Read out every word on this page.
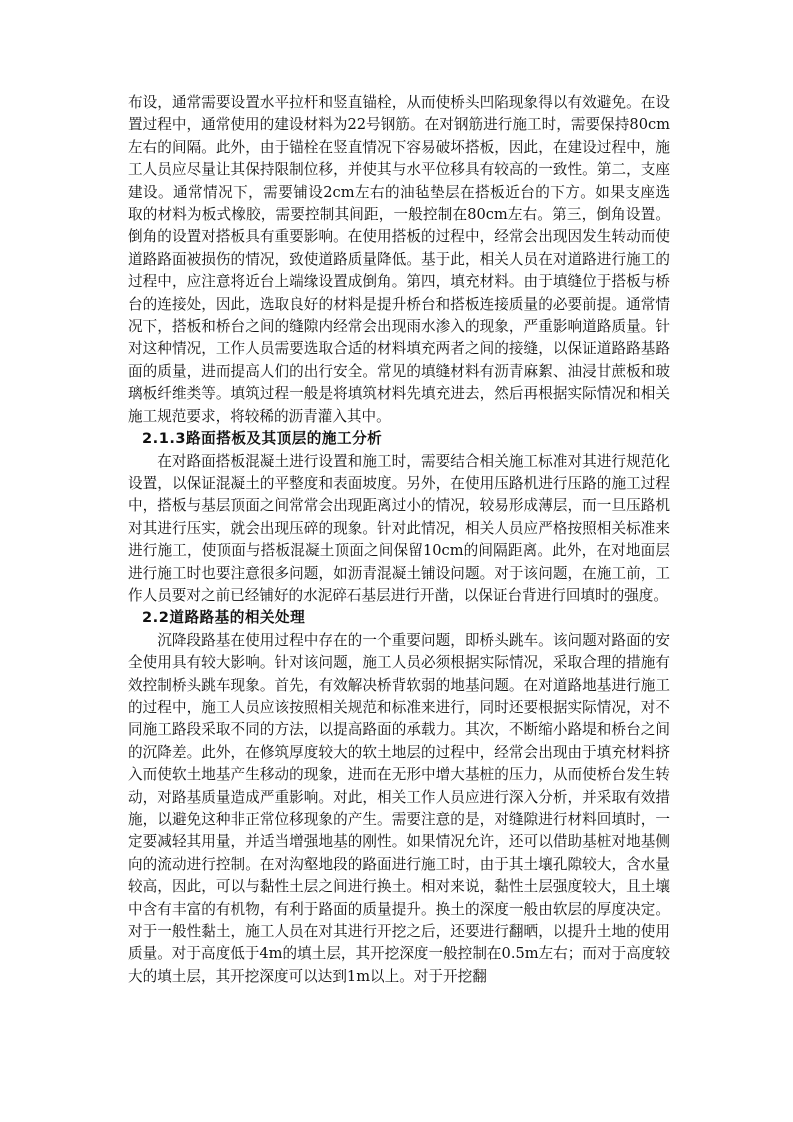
布设，通常需要设置水平拉杆和竖直锚栓，从而使桥头凹陷现象得以有效避免。在设置过程中，通常使用的建设材料为22号钢筋。在对钢筋进行施工时，需要保持80cm左右的间隔。此外，由于锚栓在竖直情况下容易破坏搭板，因此，在建设过程中，施工人员应尽量让其保持限制位移，并使其与水平位移具有较高的一致性。第二，支座建设。通常情况下，需要铺设2cm左右的油毡垫层在搭板近台的下方。如果支座选取的材料为板式橡胶，需要控制其间距，一般控制在80cm左右。第三，倒角设置。倒角的设置对搭板具有重要影响。在使用搭板的过程中，经常会出现因发生转动而使道路路面被损伤的情况，致使道路质量降低。基于此，相关人员在对道路进行施工的过程中，应注意将近台上端缘设置成倒角。第四，填充材料。由于填缝位于搭板与桥台的连接处，因此，选取良好的材料是提升桥台和搭板连接质量的必要前提。通常情况下，搭板和桥台之间的缝隙内经常会出现雨水渗入的现象，严重影响道路质量。针对这种情况，工作人员需要选取合适的材料填充两者之间的接缝，以保证道路路基路面的质量，进而提高人们的出行安全。常见的填缝材料有沥青麻絮、油浸甘蔗板和玻璃板纤维类等。填筑过程一般是将填筑材料先填充进去，然后再根据实际情况和相关施工规范要求，将较稀的沥青灌入其中。

2.1.3路面搭板及其顶层的施工分析

在对路面搭板混凝土进行设置和施工时，需要结合相关施工标准对其进行规范化设置，以保证混凝土的平整度和表面坡度。另外，在使用压路机进行压路的施工过程中，搭板与基层顶面之间常常会出现距离过小的情况，较易形成薄层，而一旦压路机对其进行压实，就会出现压碎的现象。针对此情况，相关人员应严格按照相关标准来进行施工，使顶面与搭板混凝土顶面之间保留10cm的间隔距离。此外，在对地面层进行施工时也要注意很多问题，如沥青混凝土铺设问题。对于该问题，在施工前，工作人员要对之前已经铺好的水泥碎石基层进行开凿，以保证台背进行回填时的强度。

2.2道路路基的相关处理

沉降段路基在使用过程中存在的一个重要问题，即桥头跳车。该问题对路面的安全使用具有较大影响。针对该问题，施工人员必须根据实际情况，采取合理的措施有效控制桥头跳车现象。首先，有效解决桥背软弱的地基问题。在对道路地基进行施工的过程中，施工人员应该按照相关规范和标准来进行，同时还要根据实际情况，对不同施工路段采取不同的方法，以提高路面的承载力。其次，不断缩小路堤和桥台之间的沉降差。此外，在修筑厚度较大的软土地层的过程中，经常会出现由于填充材料挤入而使软土地基产生移动的现象，进而在无形中增大基桩的压力，从而使桥台发生转动，对路基质量造成严重影响。对此，相关工作人员应进行深入分析，并采取有效措施，以避免这种非正常位移现象的产生。需要注意的是，对缝隙进行材料回填时，一定要减轻其用量，并适当增强地基的刚性。如果情况允许，还可以借助基桩对地基侧向的流动进行控制。在对沟壑地段的路面进行施工时，由于其土壤孔隙较大，含水量较高，因此，可以与黏性土层之间进行换土。相对来说，黏性土层强度较大，且土壤中含有丰富的有机物，有利于路面的质量提升。换土的深度一般由软层的厚度决定。对于一般性黏土，施工人员在对其进行开挖之后，还要进行翻晒，以提升土地的使用质量。对于高度低于4m的填土层，其开挖深度一般控制在0.5m左右；而对于高度较大的填土层，其开挖深度可以达到1m以上。对于开挖翻
